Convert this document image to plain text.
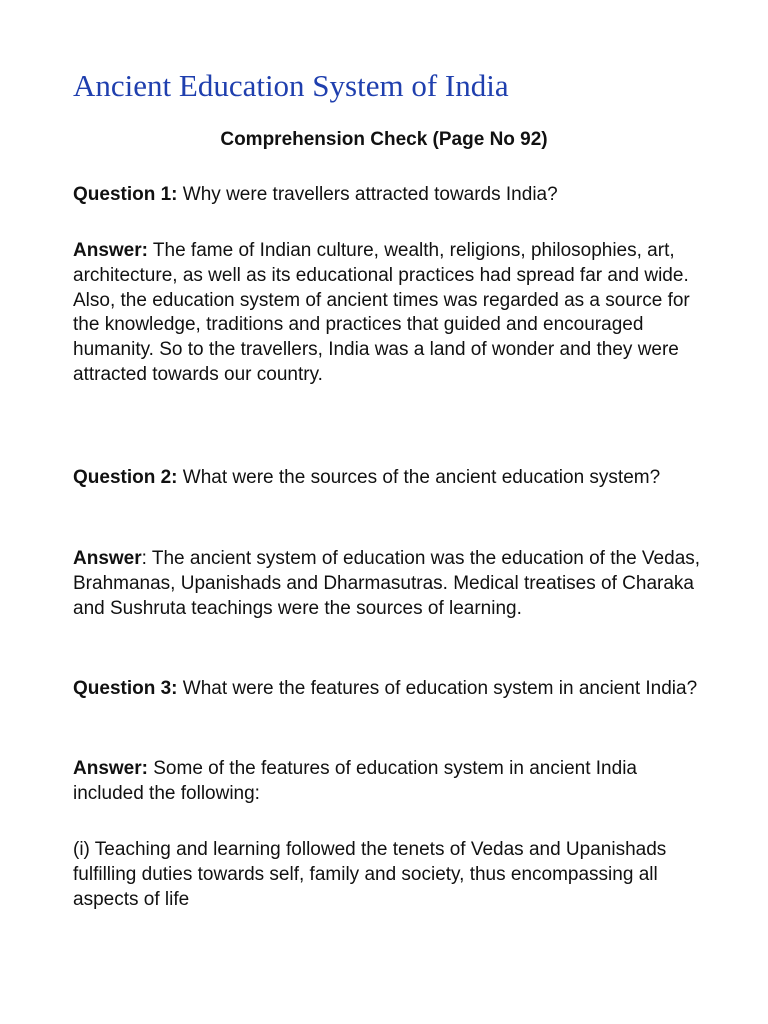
Ancient Education System of India
Comprehension Check (Page No 92)

Question 1: Why were travellers attracted towards India?

Answer: The fame of Indian culture, wealth, religions, philosophies, art, architecture, as well as its educational practices had spread far and wide. Also, the education system of ancient times was regarded as a source for the knowledge, traditions and practices that guided and encouraged humanity. So to the travellers, India was a land of wonder and they were attracted towards our country.

Question 2: What were the sources of the ancient education system?

Answer: The ancient system of education was the education of the Vedas, Brahmanas, Upanishads and Dharmasutras. Medical treatises of Charaka and Sushruta teachings were the sources of learning.

Question 3: What were the features of education system in ancient India?

Answer: Some of the features of education system in ancient India included the following:

(i) Teaching and learning followed the tenets of Vedas and Upanishads fulfilling duties towards self, family and society, thus encompassing all aspects of life
